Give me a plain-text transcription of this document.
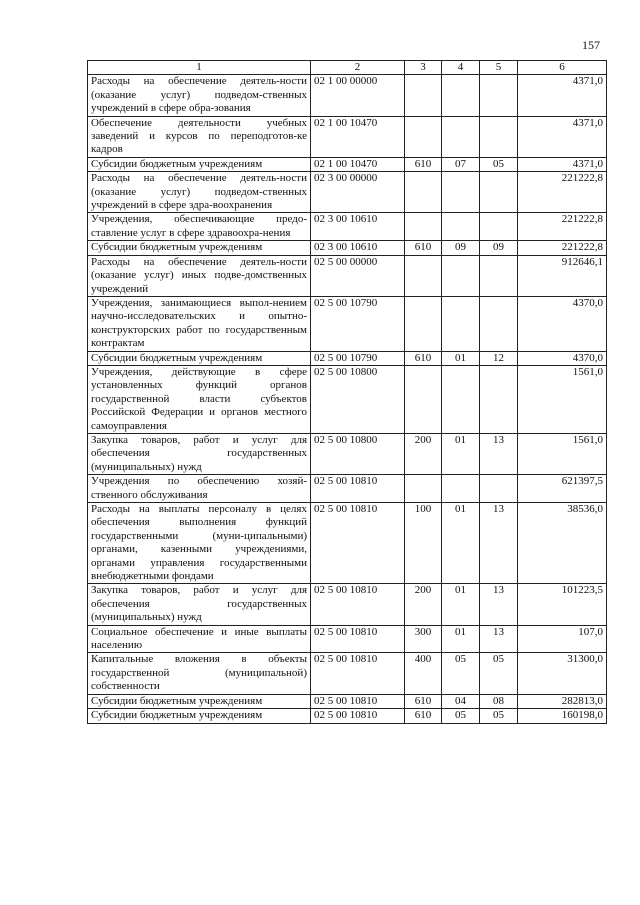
157
1	2	3	4	5	6
Расходы на обеспечение деятель-ности (оказание услуг) подведом-ственных учреждений в сфере обра-зования	02 1 00 00000				4371,0
Обеспечение деятельности учебных заведений и курсов по переподготов-ке кадров	02 1 00 10470				4371,0
Субсидии бюджетным учреждениям	02 1 00 10470	610	07	05	4371,0
Расходы на обеспечение деятель-ности (оказание услуг) подведом-ственных учреждений в сфере здра-воохранения	02 3 00 00000				221222,8
Учреждения, обеспечивающие предо-ставление услуг в сфере здравоохра-нения	02 3 00 10610				221222,8
Субсидии бюджетным учреждениям	02 3 00 10610	610	09	09	221222,8
Расходы на обеспечение деятель-ности (оказание услуг) иных подве-домственных учреждений	02 5 00 00000				912646,1
Учреждения, занимающиеся выпол-нением научно-исследовательских и опытно-конструкторских работ по государственным контрактам	02 5 00 10790				4370,0
Субсидии бюджетным учреждениям	02 5 00 10790	610	01	12	4370,0
Учреждения, действующие в сфере установленных функций органов государственной власти субъектов Российской Федерации и органов местного самоуправления	02 5 00 10800				1561,0
Закупка товаров, работ и услуг для обеспечения государственных (муниципальных) нужд	02 5 00 10800	200	01	13	1561,0
Учреждения по обеспечению хозяй-ственного обслуживания	02 5 00 10810				621397,5
Расходы на выплаты персоналу в целях обеспечения выполнения функций государственными (муни-ципальными) органами, казенными учреждениями, органами управления государственными внебюджетными фондами	02 5 00 10810	100	01	13	38536,0
Закупка товаров, работ и услуг для обеспечения государственных (муниципальных) нужд	02 5 00 10810	200	01	13	101223,5
Социальное обеспечение и иные выплаты населению	02 5 00 10810	300	01	13	107,0
Капитальные вложения в объекты государственной (муниципальной) собственности	02 5 00 10810	400	05	05	31300,0
Субсидии бюджетным учреждениям	02 5 00 10810	610	04	08	282813,0
Субсидии бюджетным учреждениям	02 5 00 10810	610	05	05	160198,0
